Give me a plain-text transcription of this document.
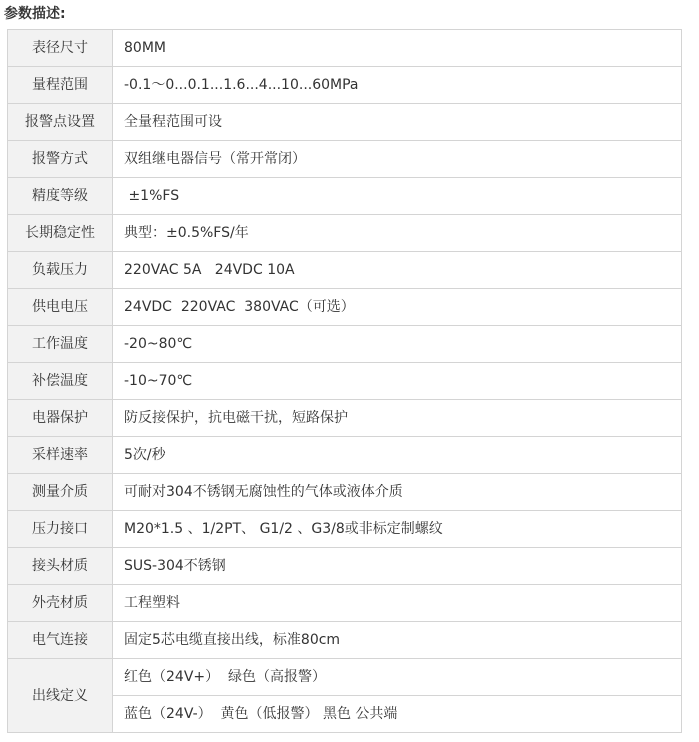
参数描述:
表径尺寸	80MM
量程范围	-0.1～0...0.1...1.6...4...10...60MPa
报警点设置	全量程范围可设
报警方式	双组继电器信号（常开常闭）
精度等级	±1%FS
长期稳定性	典型：±0.5%FS/年
负载压力	220VAC 5A   24VDC 10A
供电电压	24VDC  220VAC  380VAC（可选）
工作温度	-20~80℃
补偿温度	-10~70℃
电器保护	防反接保护，抗电磁干扰，短路保护
采样速率	5次/秒
测量介质	可耐对304不锈钢无腐蚀性的气体或液体介质
压力接口	M20*1.5 、1/2PT、 G1/2 、G3/8或非标定制螺纹
接头材质	SUS-304不锈钢
外壳材质	工程塑料
电气连接	固定5芯电缆直接出线，标准80cm
出线定义	红色（24V+）  绿色（高报警）
	蓝色（24V-）  黄色（低报警） 黑色 公共端
